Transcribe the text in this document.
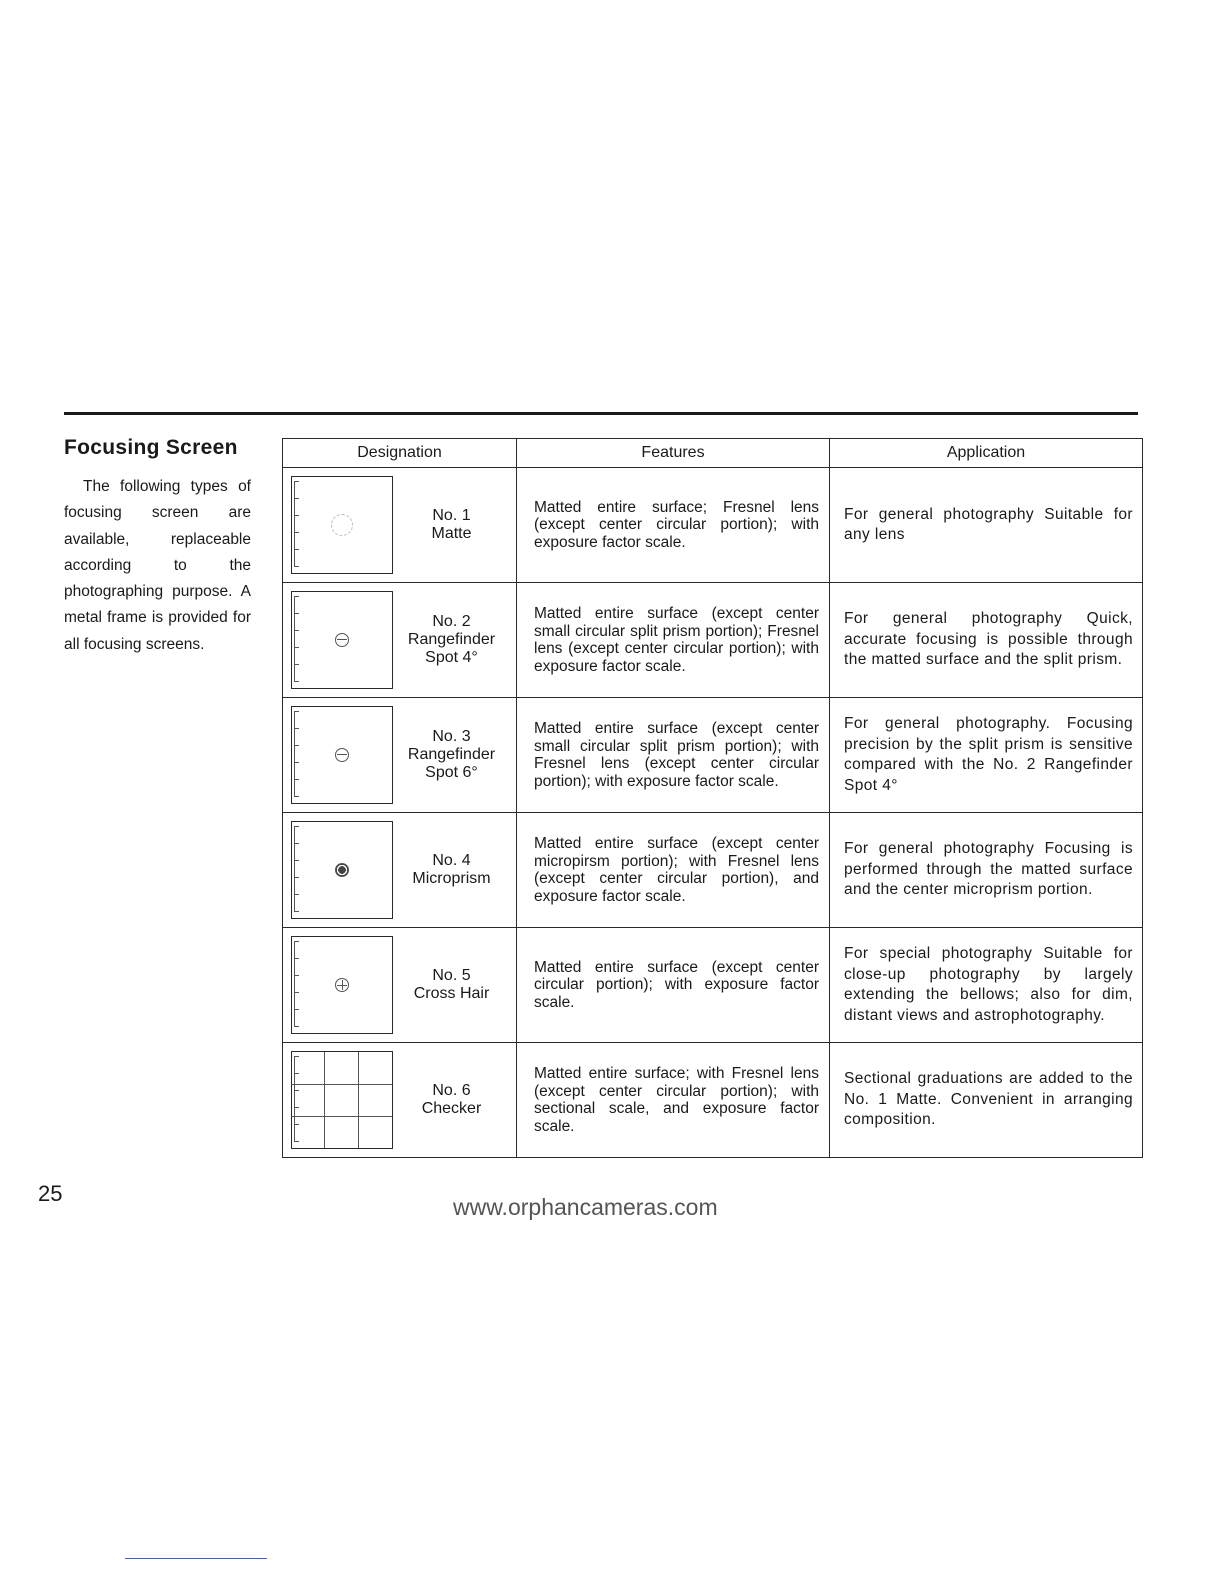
Focusing Screen
The following types of focusing screen are available, replaceable according to the photographing purpose. A metal frame is provided for all focusing screens.
Designation	Features	Application

No. 1
Matte	Matted entire surface; Fresnel lens (except center circular portion); with exposure factor scale.	For general photography Suitable for any lens

No. 2
Rangefinder Spot 4°	Matted entire surface (except center small circular split prism portion); Fresnel lens (except center circular portion); with exposure factor scale.	For general photography Quick, accurate focusing is possible through the matted surface and the split prism.

No. 3
Rangefinder Spot 6°	Matted entire surface (except center small circular split prism portion); with Fresnel lens (except center circular portion); with exposure factor scale.	For general photography. Focusing precision by the split prism is sensitive compared with the No. 2 Rangefinder Spot 4°

No. 4
Microprism	Matted entire surface (except center micropirsm portion); with Fresnel lens (except center circular portion), and exposure factor scale.	For general photography Focusing is performed through the matted surface and the center microprism portion.

No. 5
Cross Hair	Matted entire surface (except center circular portion); with exposure factor scale.	For special photography Suitable for close-up photography by largely extending the bellows; also for dim, distant views and astrophotography.

No. 6
Checker	Matted entire surface; with Fresnel lens (except center circular portion); with sectional scale, and exposure factor scale.	Sectional graduations are added to the No. 1 Matte. Convenient in arranging composition.
25
www.orphancameras.com
